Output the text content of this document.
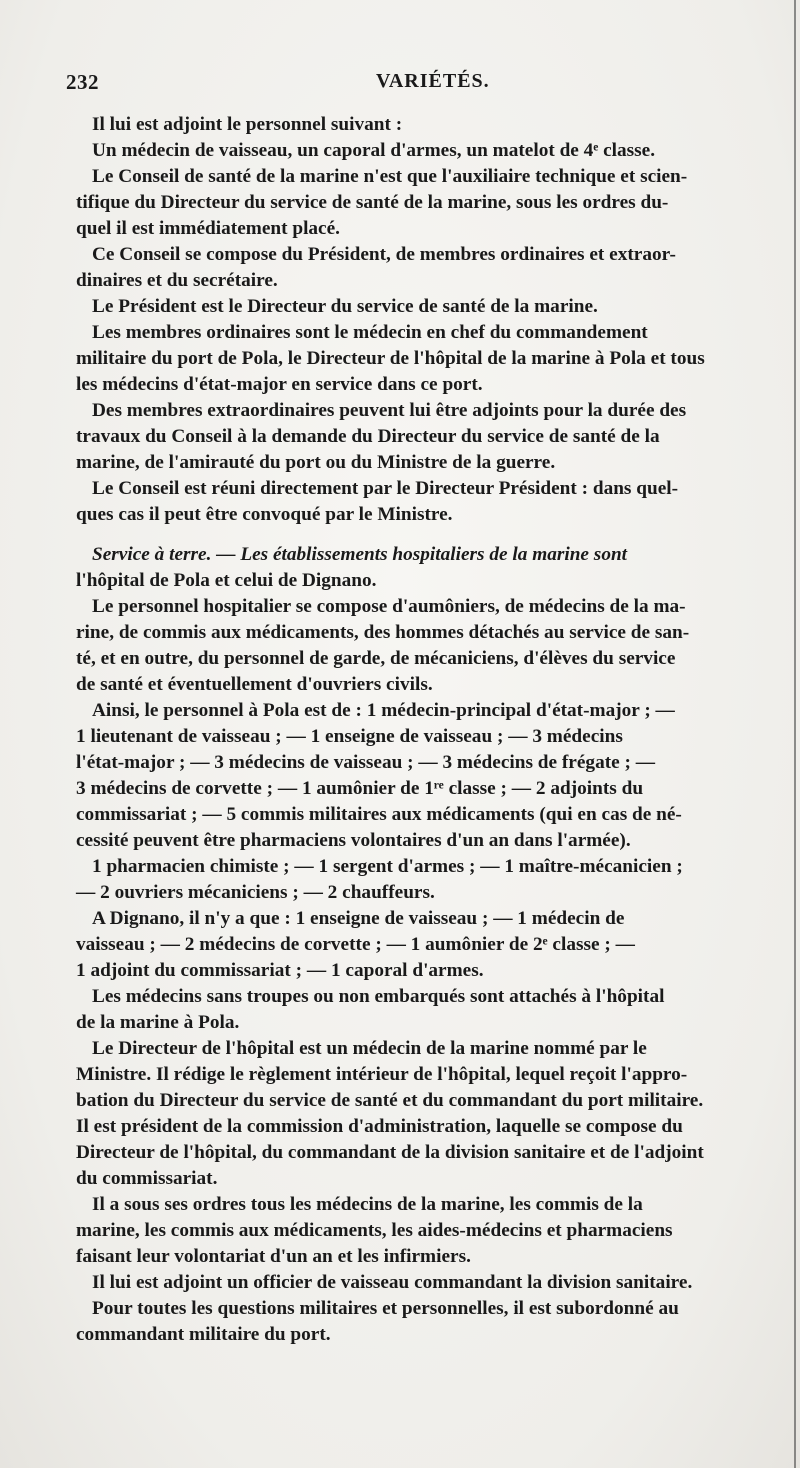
232	VARIÉTÉS.

Il lui est adjoint le personnel suivant :

Un médecin de vaisseau, un caporal d'armes, un matelot de 4ᵉ classe.

Le Conseil de santé de la marine n'est que l'auxiliaire technique et scien-

tifique du Directeur du service de santé de la marine, sous les ordres du-

quel il est immédiatement placé.

Ce Conseil se compose du Président, de membres ordinaires et extraor-

dinaires et du secrétaire.

Le Président est le Directeur du service de santé de la marine.

Les membres ordinaires sont le médecin en chef du commandement

militaire du port de Pola, le Directeur de l'hôpital de la marine à Pola et tous

les médecins d'état-major en service dans ce port.

Des membres extraordinaires peuvent lui être adjoints pour la durée des

travaux du Conseil à la demande du Directeur du service de santé de la

marine, de l'amirauté du port ou du Ministre de la guerre.

Le Conseil est réuni directement par le Directeur Président : dans quel-

ques cas il peut être convoqué par le Ministre.

Service à terre. — Les établissements hospitaliers de la marine sont

l'hôpital de Pola et celui de Dignano.

Le personnel hospitalier se compose d'aumôniers, de médecins de la ma-

rine, de commis aux médicaments, des hommes détachés au service de san-

té, et en outre, du personnel de garde, de mécaniciens, d'élèves du service

de santé et éventuellement d'ouvriers civils.

Ainsi, le personnel à Pola est de : 1 médecin-principal d'état-major ; —

1 lieutenant de vaisseau ; — 1 enseigne de vaisseau ; — 3 médecins

l'état-major ; — 3 médecins de vaisseau ; — 3 médecins de frégate ; —

3 médecins de corvette ; — 1 aumônier de 1ʳᵉ classe ; — 2 adjoints du

commissariat ; — 5 commis militaires aux médicaments (qui en cas de né-

cessité peuvent être pharmaciens volontaires d'un an dans l'armée).

1 pharmacien chimiste ; — 1 sergent d'armes ; — 1 maître-mécanicien ;

— 2 ouvriers mécaniciens ; — 2 chauffeurs.

A Dignano, il n'y a que : 1 enseigne de vaisseau ; — 1 médecin de

vaisseau ; — 2 médecins de corvette ; — 1 aumônier de 2ᵉ classe ; —

1 adjoint du commissariat ; — 1 caporal d'armes.

Les médecins sans troupes ou non embarqués sont attachés à l'hôpital

de la marine à Pola.

Le Directeur de l'hôpital est un médecin de la marine nommé par le

Ministre. Il rédige le règlement intérieur de l'hôpital, lequel reçoit l'appro-

bation du Directeur du service de santé et du commandant du port militaire.

Il est président de la commission d'administration, laquelle se compose du

Directeur de l'hôpital, du commandant de la division sanitaire et de l'adjoint

du commissariat.

Il a sous ses ordres tous les médecins de la marine, les commis de la

marine, les commis aux médicaments, les aides-médecins et pharmaciens

faisant leur volontariat d'un an et les infirmiers.

Il lui est adjoint un officier de vaisseau commandant la division sanitaire.

Pour toutes les questions militaires et personnelles, il est subordonné au

commandant militaire du port.
